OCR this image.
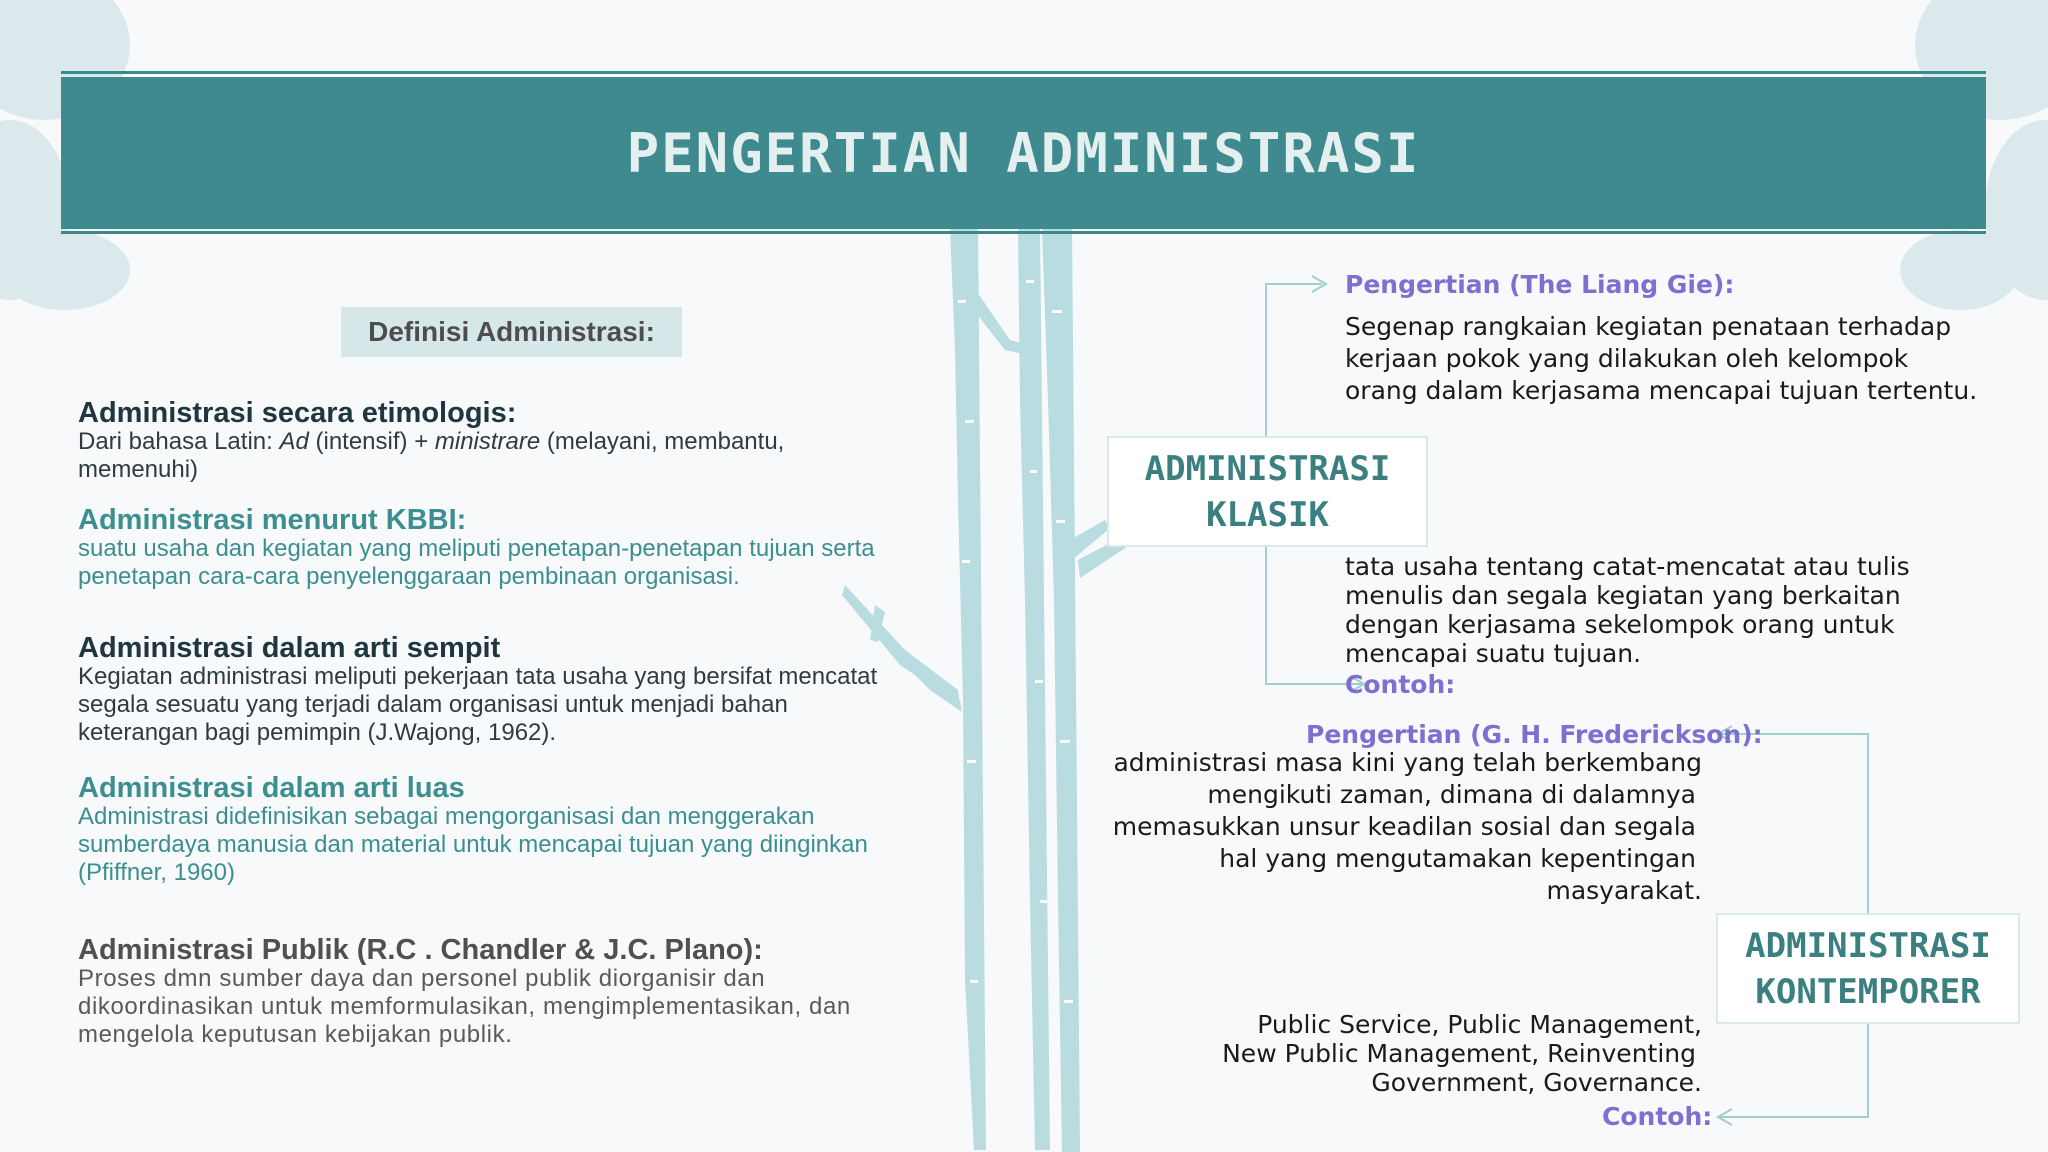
PENGERTIAN ADMINISTRASI
Definisi Administrasi:
Administrasi secara etimologis:
Dari bahasa Latin: Ad (intensif) + ministrare (melayani, membantu, memenuhi)
Administrasi menurut KBBI:
suatu usaha dan kegiatan yang meliputi penetapan-penetapan tujuan serta penetapan cara-cara penyelenggaraan pembinaan organisasi.
Administrasi dalam arti sempit
Kegiatan administrasi meliputi pekerjaan tata usaha yang bersifat mencatat segala sesuatu yang terjadi dalam organisasi untuk menjadi bahan keterangan bagi pemimpin (J.Wajong, 1962).
Administrasi dalam arti luas
Administrasi didefinisikan sebagai mengorganisasi dan menggerakan sumberdaya manusia dan material untuk mencapai tujuan yang diinginkan (Pfiffner, 1960)
Administrasi Publik (R.C . Chandler & J.C. Plano):
Proses dmn sumber daya dan personel publik diorganisir dan dikoordinasikan untuk memformulasikan, mengimplementasikan, dan mengelola keputusan kebijakan publik.
ADMINISTRASI
KLASIK
Pengertian (The Liang Gie):
Segenap rangkaian kegiatan penataan terhadap kerjaan pokok yang dilakukan oleh kelompok orang dalam kerjasama mencapai tujuan tertentu.
tata usaha tentang catat-mencatat atau tulis menulis dan segala kegiatan yang berkaitan dengan kerjasama sekelompok orang untuk mencapai suatu tujuan.
Contoh:
ADMINISTRASI
KONTEMPORER
Pengertian (G. H. Frederickson):
administrasi masa kini yang telah berkembang
mengikuti zaman, dimana di dalamnya
memasukkan unsur keadilan sosial dan segala
hal yang mengutamakan kepentingan
masyarakat.
Public Service, Public Management,
New Public Management, Reinventing
Government, Governance.
Contoh:
